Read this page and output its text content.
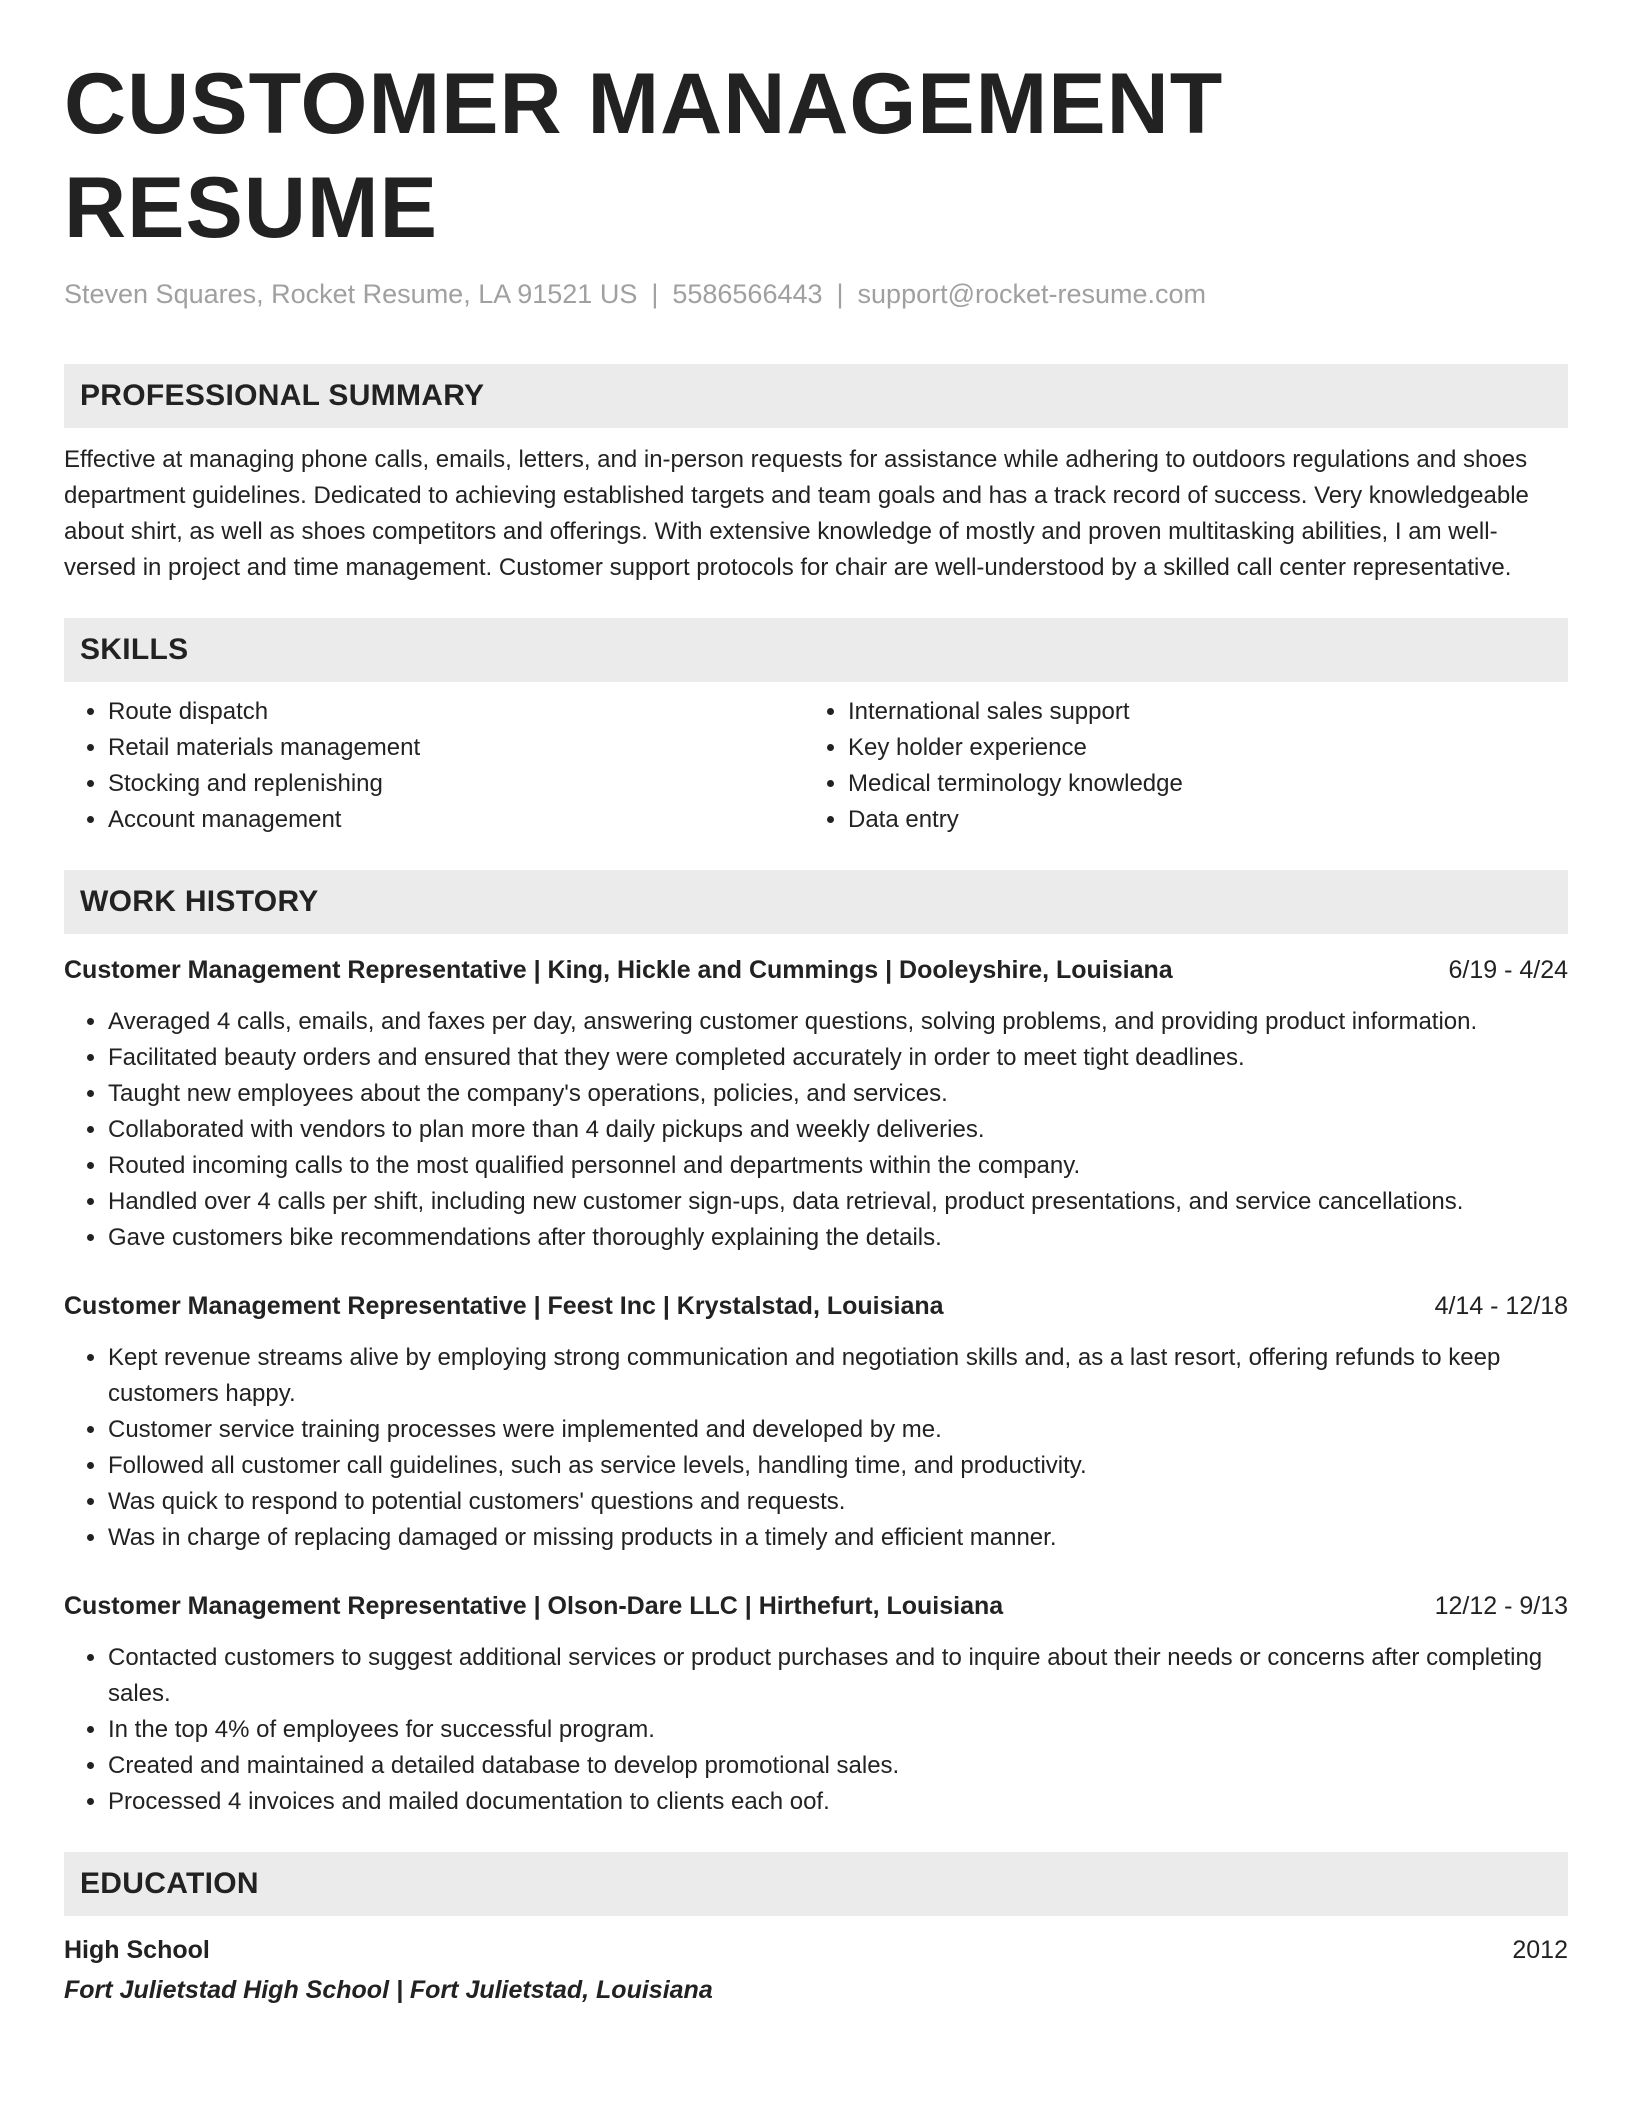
CUSTOMER MANAGEMENT RESUME
Steven Squares, Rocket Resume, LA 91521 US | 5586566443 | support@rocket-resume.com
PROFESSIONAL SUMMARY
Effective at managing phone calls, emails, letters, and in-person requests for assistance while adhering to outdoors regulations and shoes department guidelines. Dedicated to achieving established targets and team goals and has a track record of success. Very knowledgeable about shirt, as well as shoes competitors and offerings. With extensive knowledge of mostly and proven multitasking abilities, I am well-versed in project and time management. Customer support protocols for chair are well-understood by a skilled call center representative.
SKILLS
• Route dispatch
• Retail materials management
• Stocking and replenishing
• Account management
• International sales support
• Key holder experience
• Medical terminology knowledge
• Data entry
WORK HISTORY
Customer Management Representative | King, Hickle and Cummings | Dooleyshire, Louisiana	6/19 - 4/24
• Averaged 4 calls, emails, and faxes per day, answering customer questions, solving problems, and providing product information.
• Facilitated beauty orders and ensured that they were completed accurately in order to meet tight deadlines.
• Taught new employees about the company's operations, policies, and services.
• Collaborated with vendors to plan more than 4 daily pickups and weekly deliveries.
• Routed incoming calls to the most qualified personnel and departments within the company.
• Handled over 4 calls per shift, including new customer sign-ups, data retrieval, product presentations, and service cancellations.
• Gave customers bike recommendations after thoroughly explaining the details.
Customer Management Representative | Feest Inc | Krystalstad, Louisiana	4/14 - 12/18
• Kept revenue streams alive by employing strong communication and negotiation skills and, as a last resort, offering refunds to keep customers happy.
• Customer service training processes were implemented and developed by me.
• Followed all customer call guidelines, such as service levels, handling time, and productivity.
• Was quick to respond to potential customers' questions and requests.
• Was in charge of replacing damaged or missing products in a timely and efficient manner.
Customer Management Representative | Olson-Dare LLC | Hirthefurt, Louisiana	12/12 - 9/13
• Contacted customers to suggest additional services or product purchases and to inquire about their needs or concerns after completing sales.
• In the top 4% of employees for successful program.
• Created and maintained a detailed database to develop promotional sales.
• Processed 4 invoices and mailed documentation to clients each oof.
EDUCATION
High School	2012
Fort Julietstad High School | Fort Julietstad, Louisiana
